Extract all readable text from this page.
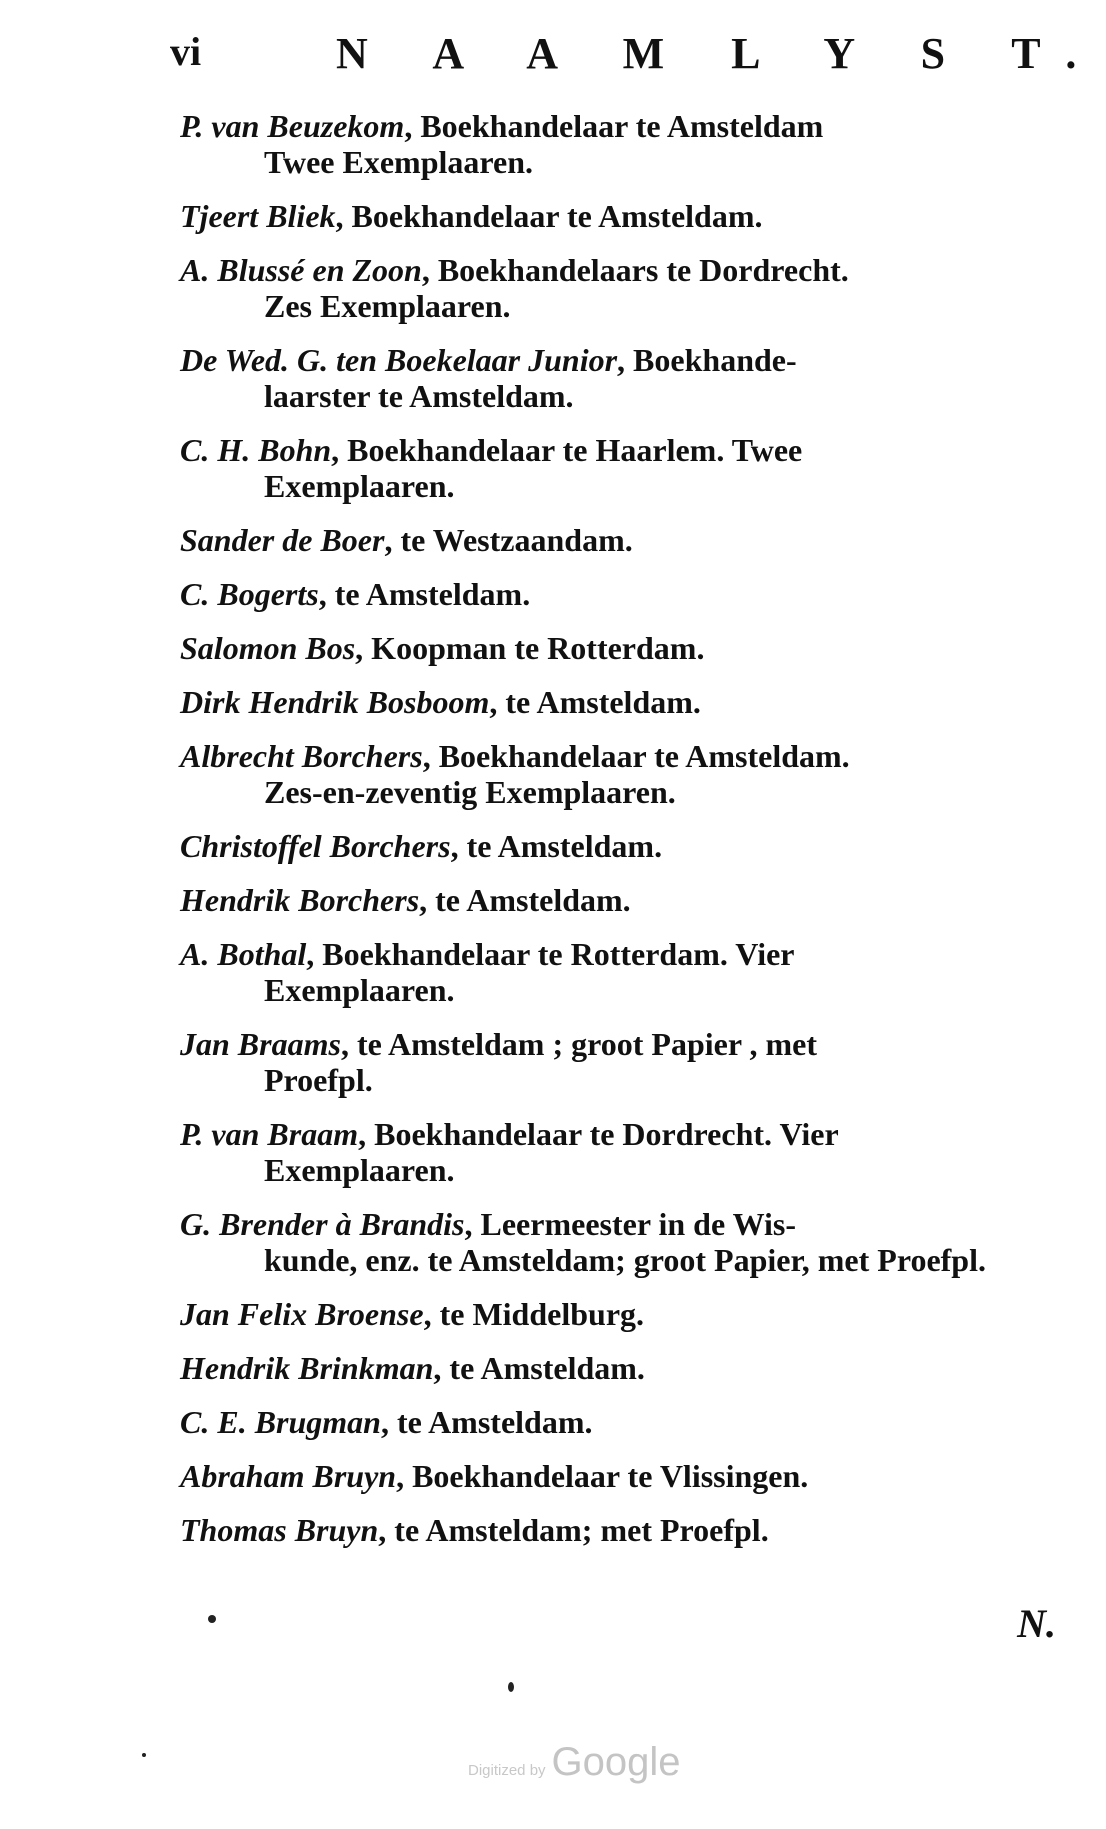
vi	N A A M L Y S T.
P. van Beuzekom, Boekhandelaar te Amsteldam
Twee Exemplaaren.
Tjeert Bliek, Boekhandelaar te Amsteldam.
A. Blussé en Zoon, Boekhandelaars te Dordrecht.
Zes Exemplaaren.
De Wed. G. ten Boekelaar Junior, Boekhande-
laarster te Amsteldam.
C. H. Bohn, Boekhandelaar te Haarlem. Twee
Exemplaaren.
Sander de Boer, te Westzaandam.
C. Bogerts, te Amsteldam.
Salomon Bos, Koopman te Rotterdam.
Dirk Hendrik Bosboom, te Amsteldam.
Albrecht Borchers, Boekhandelaar te Amsteldam.
Zes-en-zeventig Exemplaaren.
Christoffel Borchers, te Amsteldam.
Hendrik Borchers, te Amsteldam.
A. Bothal, Boekhandelaar te Rotterdam. Vier
Exemplaaren.
Jan Braams, te Amsteldam ; groot Papier , met
Proefpl.
P. van Braam, Boekhandelaar te Dordrecht. Vier
Exemplaaren.
G. Brender à Brandis, Leermeester in de Wis-
kunde, enz. te Amsteldam; groot Papier, met Proefpl.
Jan Felix Broense, te Middelburg.
Hendrik Brinkman, te Amsteldam.
C. E. Brugman, te Amsteldam.
Abraham Bruyn, Boekhandelaar te Vlissingen.
Thomas Bruyn, te Amsteldam; met Proefpl.
N.
Digitized by Google
